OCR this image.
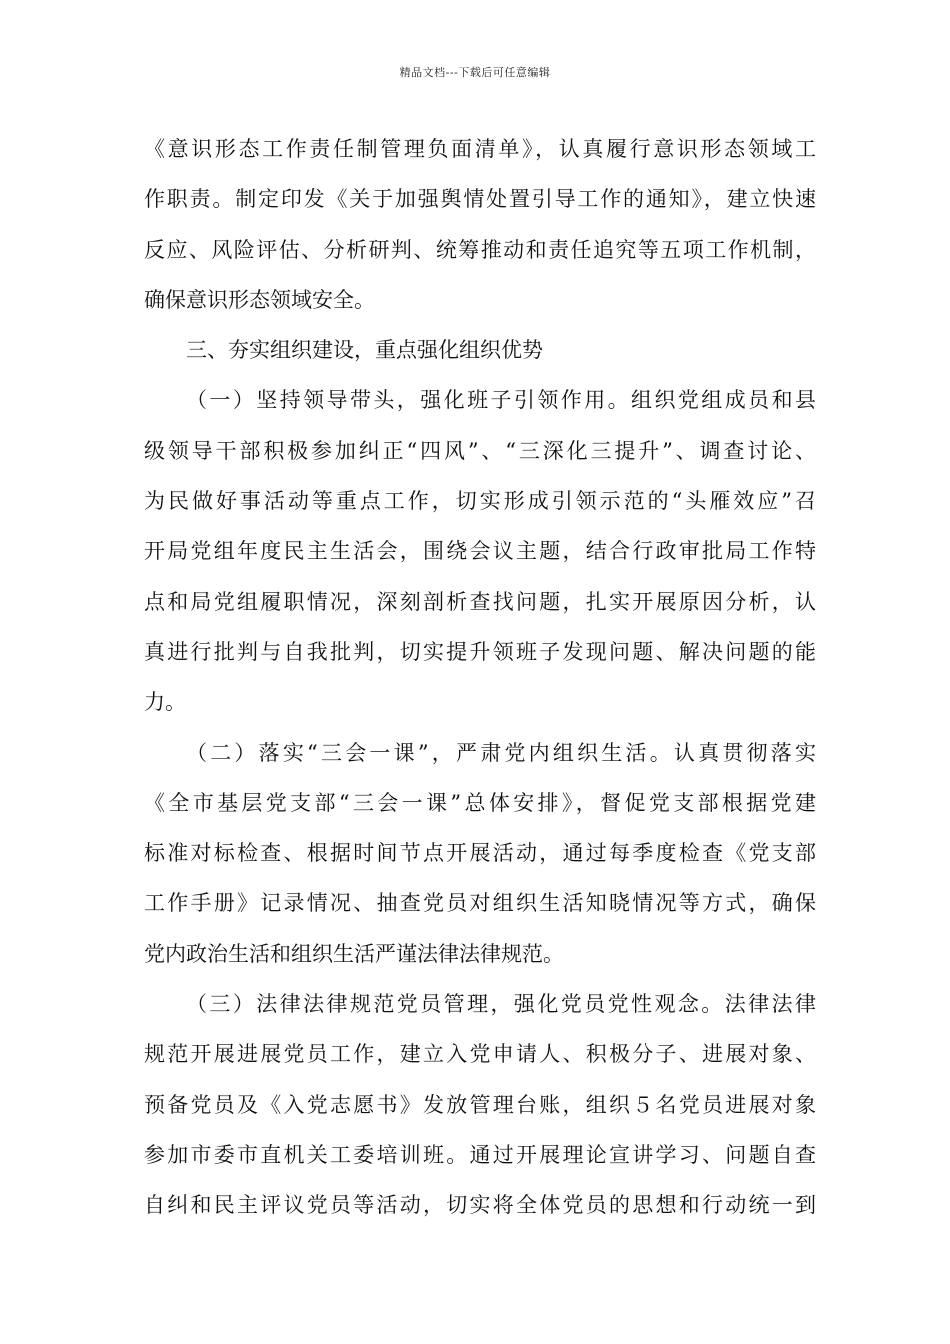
精品文档---下载后可任意编辑
《意识形态工作责任制管理负面清单》，认真履行意识形态领域工
作职责。制定印发《关于加强舆情处置引导工作的通知》，建立快速
反应、风险评估、分析研判、统筹推动和责任追究等五项工作机制，
确保意识形态领域安全。
三、夯实组织建设，重点强化组织优势
（一）坚持领导带头，强化班子引领作用。组织党组成员和县
级领导干部积极参加纠正“四风”、“三深化三提升”、调查讨论、
为民做好事活动等重点工作，切实形成引领示范的“头雁效应”召
开局党组年度民主生活会，围绕会议主题，结合行政审批局工作特
点和局党组履职情况，深刻剖析查找问题，扎实开展原因分析，认
真进行批判与自我批判，切实提升领班子发现问题、解决问题的能
力。
（二）落实“三会一课”，严肃党内组织生活。认真贯彻落实
《全市基层党支部“三会一课”总体安排》，督促党支部根据党建
标准对标检查、根据时间节点开展活动，通过每季度检查《党支部
工作手册》记录情况、抽查党员对组织生活知晓情况等方式，确保
党内政治生活和组织生活严谨法律法律规范。
（三）法律法律规范党员管理，强化党员党性观念。法律法律
规范开展进展党员工作，建立入党申请人、积极分子、进展对象、
预备党员及《入党志愿书》发放管理台账，组织５名党员进展对象
参加市委市直机关工委培训班。通过开展理论宣讲学习、问题自查
自纠和民主评议党员等活动，切实将全体党员的思想和行动统一到
